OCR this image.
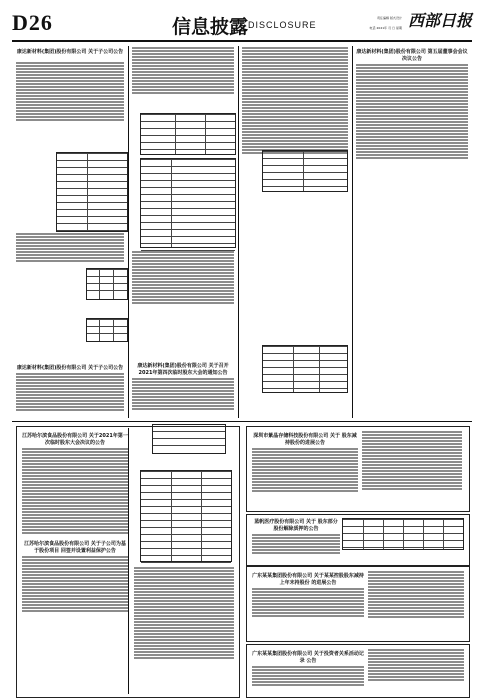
D26	信息披露 DISCLOSURE
责任编辑 版式设计
电话 2021年 月 日 星期 西部日报
康达新材料(集团)股份有限公司 关于子公司公告
康达新材料(集团)股份有限公司 关于子公司公告	康达新材料(集团)股份有限公司 关于召开2021年第四次临时股东大会的通知公告
康达新材料(集团)股份有限公司 第五届董事会会议决议公告
江苏哈尔滨食品股份有限公司 关于2021年第一次临时股东大会决议的公告
江苏哈尔滨食品股份有限公司 关于子公司为基于股份项目 回签并设置利益保护公告
深圳市紫晶存储科技股份有限公司 关于 股东减持股份的进展公告
蓝帆医疗股份有限公司 关于 股东部分股份解除质押的公告
广东某某集团股份有限公司 关于某某控股股东减持上年末持股份 的进展公告
广东某某集团股份有限公司 关于投资者关系活动记录 公告
